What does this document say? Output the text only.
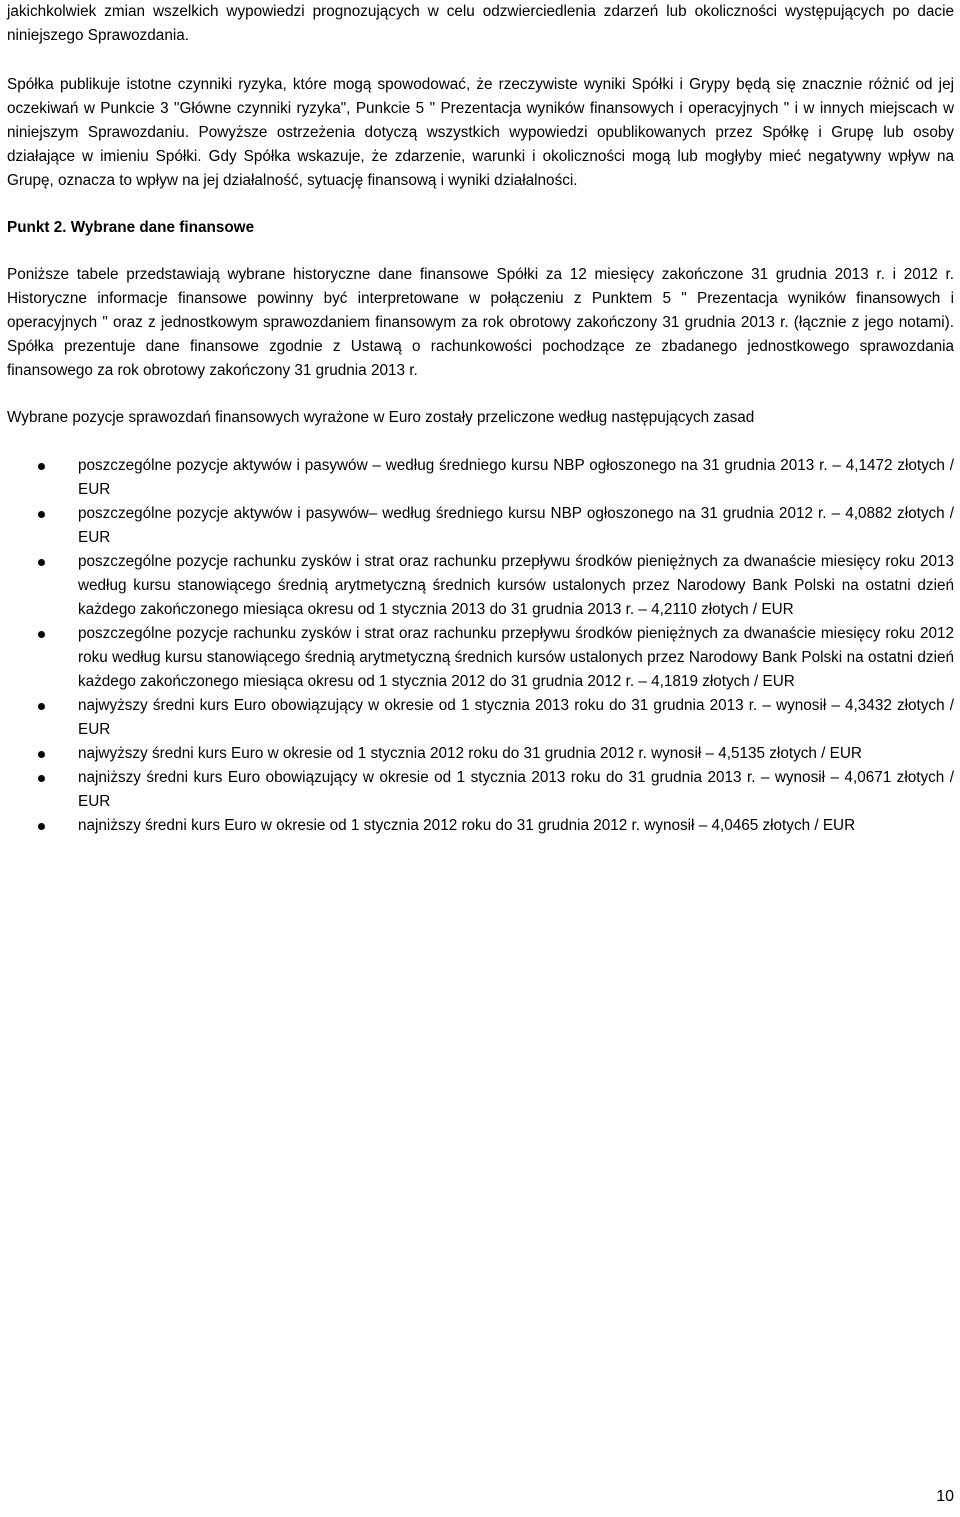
jakichkolwiek zmian wszelkich wypowiedzi prognozujących w celu odzwierciedlenia zdarzeń lub okoliczności występujących po dacie niniejszego Sprawozdania.

Spółka publikuje istotne czynniki ryzyka, które mogą spowodować, że rzeczywiste wyniki Spółki i Grypy będą się znacznie różnić od jej oczekiwań w Punkcie 3 "Główne czynniki ryzyka", Punkcie 5 " Prezentacja wyników finansowych i operacyjnych " i w innych miejscach w niniejszym Sprawozdaniu. Powyższe ostrzeżenia dotyczą wszystkich wypowiedzi opublikowanych przez Spółkę i Grupę lub osoby działające w imieniu Spółki. Gdy Spółka wskazuje, że zdarzenie, warunki i okoliczności mogą lub mogłyby mieć negatywny wpływ na Grupę, oznacza to wpływ na jej działalność, sytuację finansową i wyniki działalności.

Punkt 2. Wybrane dane finansowe

Poniższe tabele przedstawiają wybrane historyczne dane finansowe Spółki za 12 miesięcy zakończone 31 grudnia 2013 r. i 2012 r. Historyczne informacje finansowe powinny być interpretowane w połączeniu z Punktem 5 " Prezentacja wyników finansowych i operacyjnych " oraz z jednostkowym sprawozdaniem finansowym za rok obrotowy zakończony 31 grudnia 2013 r. (łącznie z jego notami). Spółka prezentuje dane finansowe zgodnie z Ustawą o rachunkowości pochodzące ze zbadanego jednostkowego sprawozdania finansowego za rok obrotowy zakończony 31 grudnia 2013 r.

Wybrane pozycje sprawozdań finansowych wyrażone w Euro zostały przeliczone według następujących zasad

poszczególne pozycje aktywów i pasywów – według średniego kursu NBP ogłoszonego na 31 grudnia 2013 r. – 4,1472 złotych / EUR
poszczególne pozycje aktywów i pasywów– według średniego kursu NBP ogłoszonego na 31 grudnia 2012 r. – 4,0882 złotych / EUR
poszczególne pozycje rachunku zysków i strat oraz rachunku przepływu środków pieniężnych za dwanaście miesięcy roku 2013 według kursu stanowiącego średnią arytmetyczną średnich kursów ustalonych przez Narodowy Bank Polski na ostatni dzień każdego zakończonego miesiąca okresu od 1 stycznia 2013 do 31 grudnia 2013 r. – 4,2110 złotych / EUR
poszczególne pozycje rachunku zysków i strat oraz rachunku przepływu środków pieniężnych za dwanaście miesięcy roku 2012 roku według kursu stanowiącego średnią arytmetyczną średnich kursów ustalonych przez Narodowy Bank Polski na ostatni dzień każdego zakończonego miesiąca okresu od 1 stycznia 2012 do 31 grudnia 2012 r. – 4,1819 złotych / EUR
najwyższy średni kurs Euro obowiązujący w okresie od 1 stycznia 2013 roku do 31 grudnia 2013 r. – wynosił – 4,3432 złotych / EUR
najwyższy średni kurs Euro w okresie od 1 stycznia 2012 roku do 31 grudnia 2012 r. wynosił – 4,5135 złotych / EUR
najniższy średni kurs Euro obowiązujący w okresie od 1 stycznia 2013 roku do 31 grudnia 2013 r. – wynosił – 4,0671 złotych / EUR
najniższy średni kurs Euro w okresie od 1 stycznia 2012 roku do 31 grudnia 2012 r. wynosił – 4,0465 złotych / EUR
10
